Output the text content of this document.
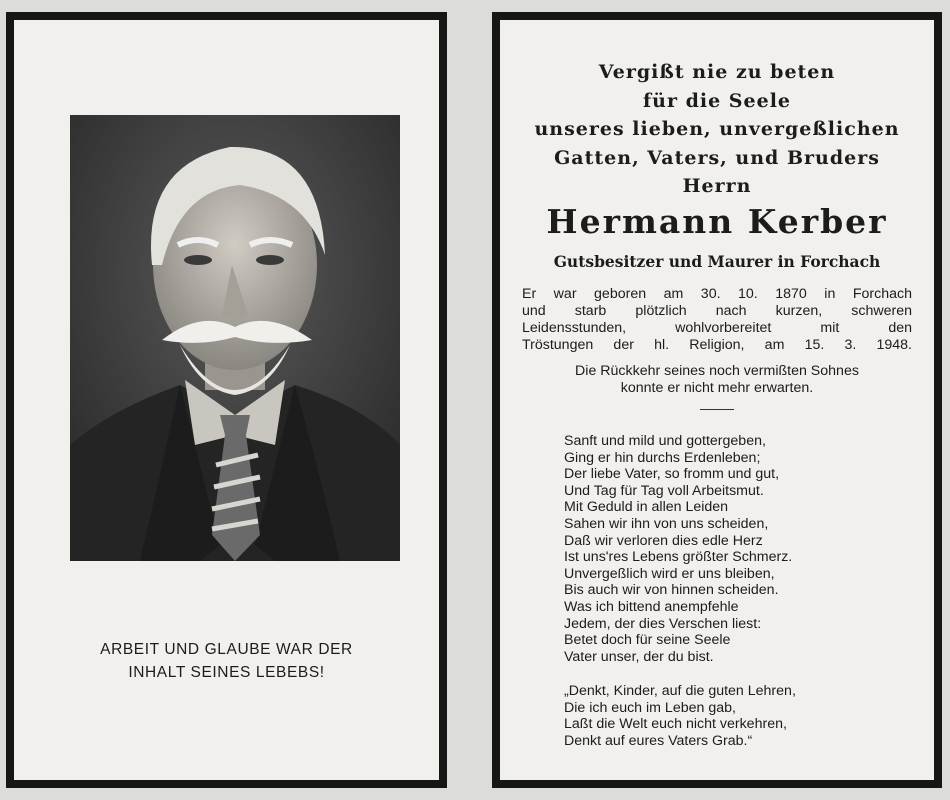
ARBEIT UND GLAUBE WAR DER
INHALT SEINES LEBEBS!
Vergißt nie zu beten
für die Seele
unseres lieben, unvergeßlichen
Gatten, Vaters, und Bruders
Herrn
Hermann Kerber
Gutsbesitzer und Maurer in Forchach
Er war geboren am 30. 10. 1870 in Forchach
und starb plötzlich nach kurzen, schweren
Leidensstunden, wohlvorbereitet mit den
Tröstungen der hl. Religion, am 15. 3. 1948.
Die Rückkehr seines noch vermißten Sohnes
konnte er nicht mehr erwarten.
Sanft und mild und gottergeben,
Ging er hin durchs Erdenleben;
Der liebe Vater, so fromm und gut,
Und Tag für Tag voll Arbeitsmut.
Mit Geduld in allen Leiden
Sahen wir ihn von uns scheiden,
Daß wir verloren dies edle Herz
Ist uns'res Lebens größter Schmerz.
Unvergeßlich wird er uns bleiben,
Bis auch wir von hinnen scheiden.
Was ich bittend anempfehle
Jedem, der dies Verschen liest:
Betet doch für seine Seele
Vater unser, der du bist.
„Denkt, Kinder, auf die guten Lehren,
Die ich euch im Leben gab,
Laßt die Welt euch nicht verkehren,
Denkt auf eures Vaters Grab.“
